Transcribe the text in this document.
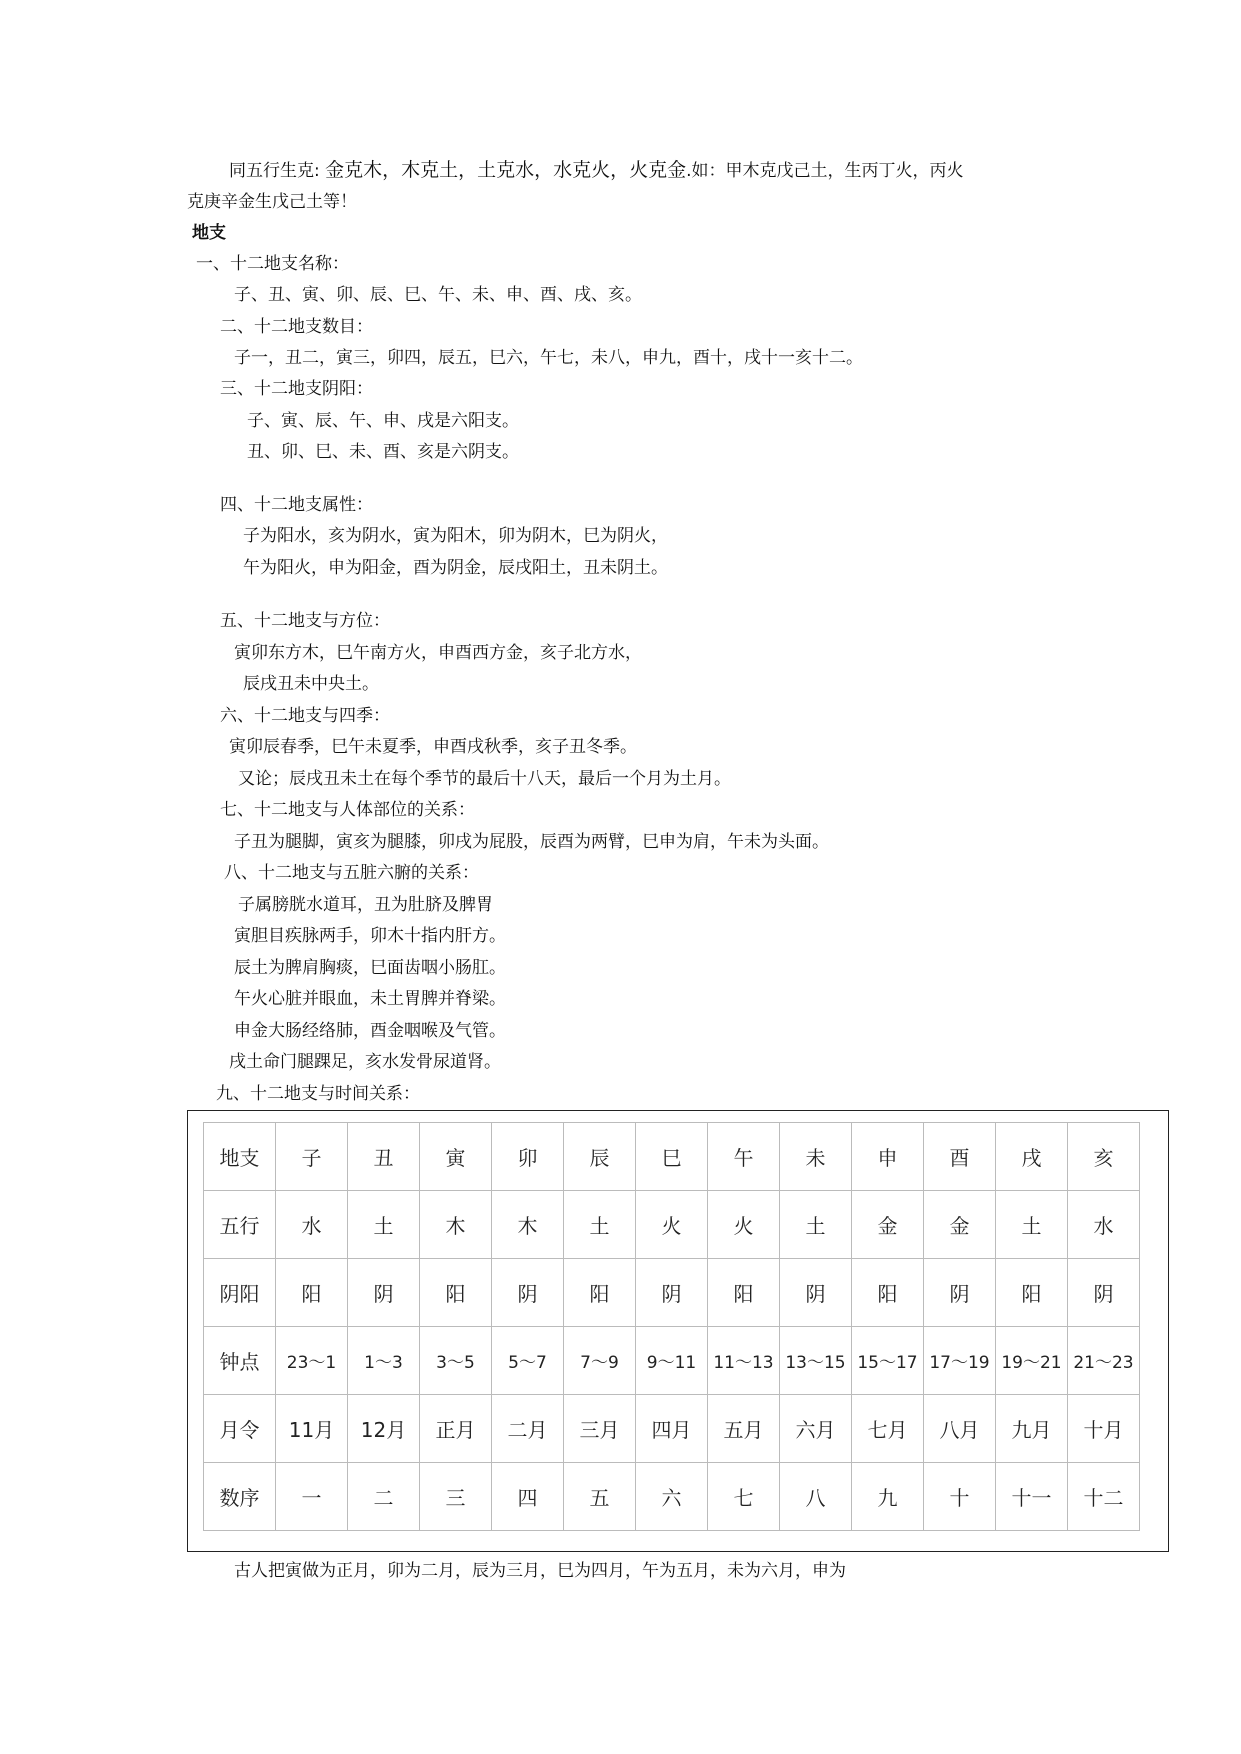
同五行生克: 金克木，木克土，土克水，水克火，火克金.如：甲木克戊己土，生丙丁火，丙火
克庚辛金生戊己土等！
地支
一、十二地支名称：
子、丑、寅、卯、辰、巳、午、未、申、酉、戌、亥。
二、十二地支数目：
子一，丑二，寅三，卯四，辰五，巳六，午七，未八，申九，酉十，戌十一亥十二。
三、十二地支阴阳：
子、寅、辰、午、申、戌是六阳支。
丑、卯、巳、未、酉、亥是六阴支。
四、十二地支属性：
子为阳水，亥为阴水，寅为阳木，卯为阴木，巳为阴火，
午为阳火，申为阳金，酉为阴金，辰戌阳土，丑未阴土。
五、十二地支与方位：
寅卯东方木，巳午南方火，申酉西方金，亥子北方水，
辰戌丑未中央土。
六、十二地支与四季：
寅卯辰春季，巳午未夏季，申酉戌秋季，亥子丑冬季。
又论；辰戌丑未土在每个季节的最后十八天，最后一个月为土月。
七、十二地支与人体部位的关系：
子丑为腿脚，寅亥为腿膝，卯戌为屁股，辰酉为两臂，巳申为肩，午未为头面。
八、十二地支与五脏六腑的关系：
子属膀胱水道耳，丑为肚脐及脾胃
寅胆目疾脉两手，卯木十指内肝方。
辰土为脾肩胸痰，巳面齿咽小肠肛。
午火心脏并眼血，未土胃脾并脊梁。
申金大肠经络肺，酉金咽喉及气管。
戌土命门腿踝足，亥水发骨尿道肾。
九、十二地支与时间关系：
地支	子	丑	寅	卯	辰	巳	午	未	申	酉	戌	亥
五行	水	土	木	木	土	火	火	土	金	金	土	水
阴阳	阳	阴	阳	阴	阳	阴	阳	阴	阳	阴	阳	阴
钟点	23～1	1～3	3～5	5～7	7～9	9～11	11～13	13～15	15～17	17～19	19～21	21～23
月令	11月	12月	正月	二月	三月	四月	五月	六月	七月	八月	九月	十月
数序	一	二	三	四	五	六	七	八	九	十	十一	十二
古人把寅做为正月，卯为二月，辰为三月，巳为四月，午为五月，未为六月，申为
